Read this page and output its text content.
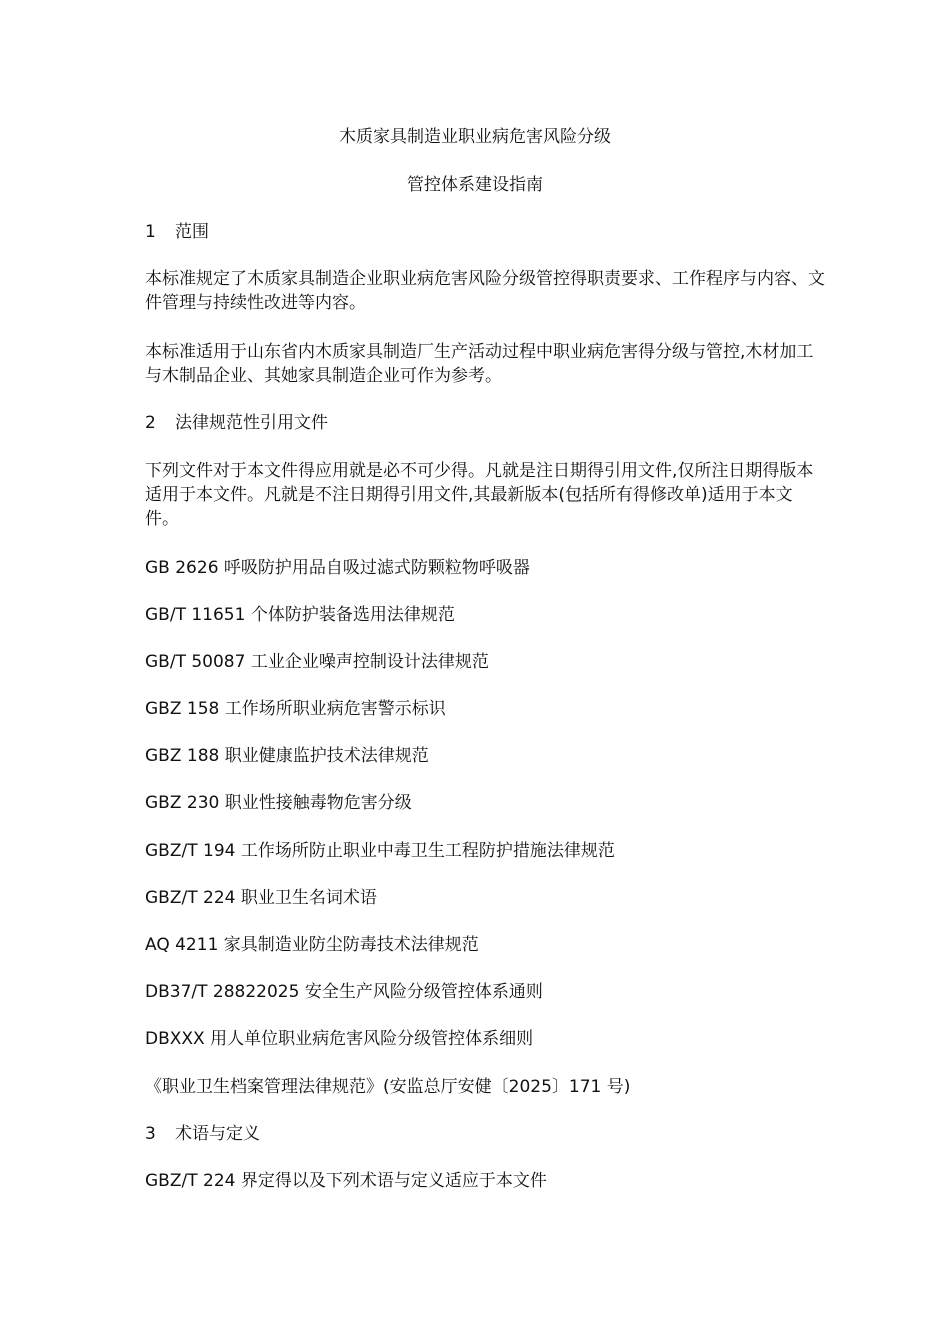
木质家具制造业职业病危害风险分级
管控体系建设指南
1 范围
本标准规定了木质家具制造企业职业病危害风险分级管控得职责要求、工作程序与内容、文件管理与持续性改进等内容。
本标准适用于山东省内木质家具制造厂生产活动过程中职业病危害得分级与管控,木材加工与木制品企业、其她家具制造企业可作为参考。
2 法律规范性引用文件
下列文件对于本文件得应用就是必不可少得。凡就是注日期得引用文件,仅所注日期得版本适用于本文件。凡就是不注日期得引用文件,其最新版本(包括所有得修改单)适用于本文件。
GB 2626 呼吸防护用品自吸过滤式防颗粒物呼吸器
GB/T 11651 个体防护装备选用法律规范
GB/T 50087 工业企业噪声控制设计法律规范
GBZ 158 工作场所职业病危害警示标识
GBZ 188 职业健康监护技术法律规范
GBZ 230 职业性接触毒物危害分级
GBZ/T 194 工作场所防止职业中毒卫生工程防护措施法律规范
GBZ/T 224 职业卫生名词术语
AQ 4211 家具制造业防尘防毒技术法律规范
DB37/T 28822025 安全生产风险分级管控体系通则
DBXXX 用人单位职业病危害风险分级管控体系细则
《职业卫生档案管理法律规范》(安监总厅安健〔2025〕171 号)
3 术语与定义
GBZ/T 224 界定得以及下列术语与定义适应于本文件
